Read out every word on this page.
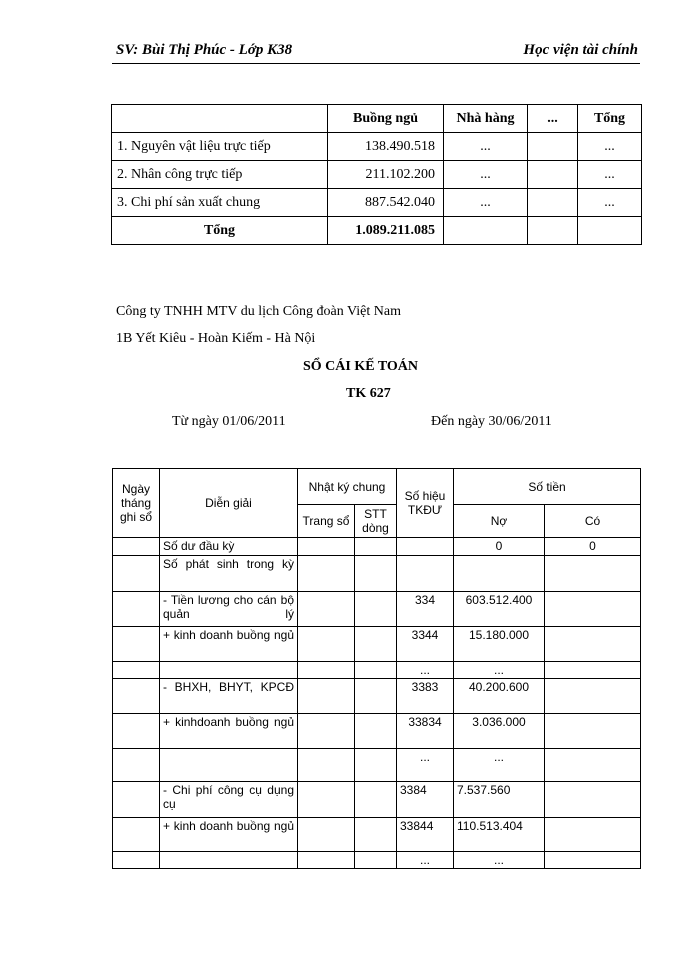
SV: Bùi Thị Phúc - Lớp K38	Học viện tài chính
	Buồng ngủ	Nhà hàng	...	Tổng
1. Nguyên vật liệu trực tiếp	138.490.518	...		...
2. Nhân công trực tiếp	211.102.200	...		...
3. Chi phí sản xuất chung	887.542.040	...		...
Tổng	1.089.211.085			
Công ty TNHH MTV du lịch Công đoàn Việt Nam
1B Yết Kiêu - Hoàn Kiếm - Hà Nội
SỔ CÁI KẾ TOÁN
TK 627
Từ ngày 01/06/2011	Đến ngày 30/06/2011
Ngày tháng ghi sổ	Diễn giải	Nhật ký chung		Số hiệu TKĐƯ	Số tiền	
		Trang sổ	STT dòng		Nợ	Có
	Số dư đầu kỳ				0	0
	Số phát sinh trong kỳ					
	- Tiền lương cho cán bộ quản lý			334	603.512.400	
	+ kinh doanh buồng ngủ			3344	15.180.000	
				...	...	
	- BHXH, BHYT, KPCĐ			3383	40.200.600	
	+ kinhdoanh buồng ngủ			33834	3.036.000	
				...	...	
	- Chi phí công cụ dụng cụ			3384	7.537.560	
	+ kinh doanh buồng ngủ			33844	110.513.404	
				...	...	
